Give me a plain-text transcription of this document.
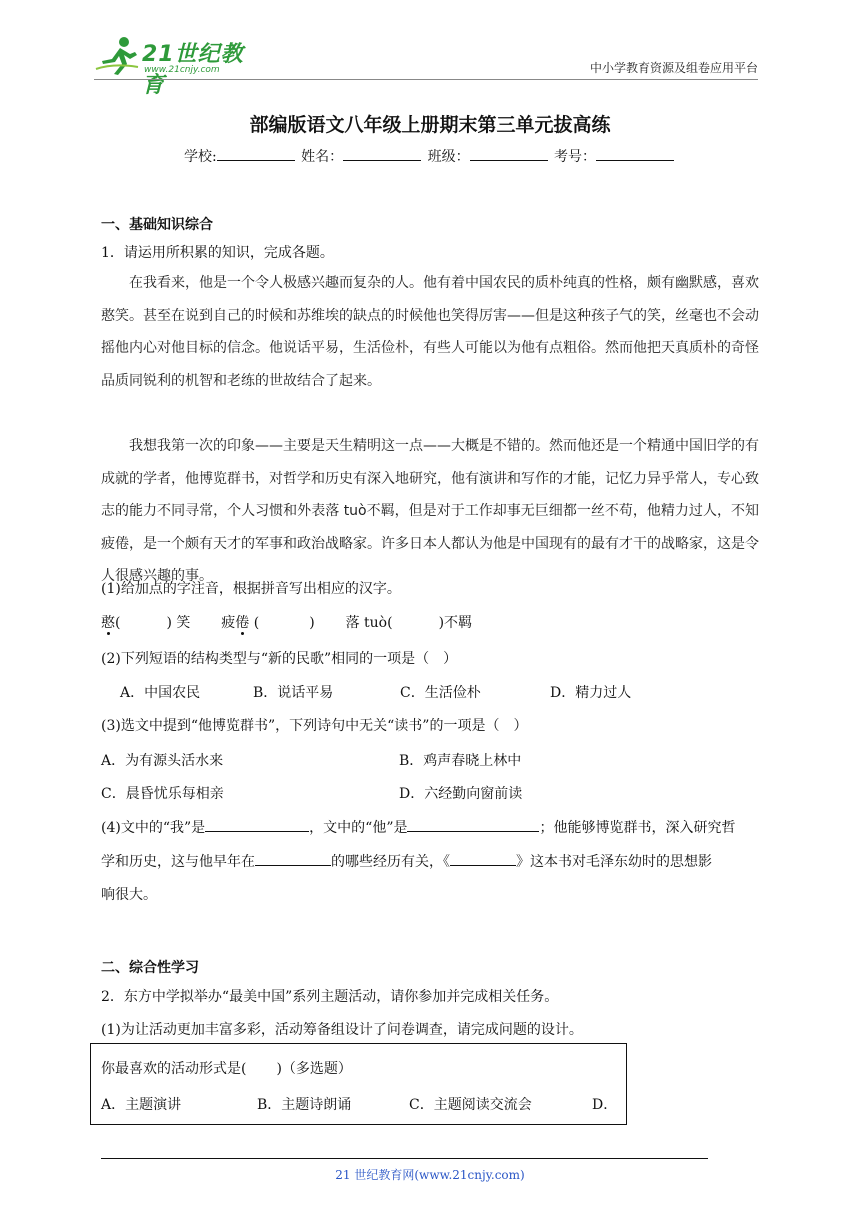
21世纪教育
www.21cnjy.com	中小学教育资源及组卷应用平台
部编版语文八年级上册期末第三单元拔高练
学校:	姓名：	班级：	考号：
一、基础知识综合
1．请运用所积累的知识，完成各题。
在我看来，他是一个令人极感兴趣而复杂的人。他有着中国农民的质朴纯真的性格，颇有幽默感，喜欢憨笑。甚至在说到自己的时候和苏维埃的缺点的时候他也笑得厉害——但是这种孩子气的笑，丝毫也不会动摇他内心对他目标的信念。他说话平易，生活俭朴，有些人可能以为他有点粗俗。然而他把天真质朴的奇怪品质同锐利的机智和老练的世故结合了起来。
我想我第一次的印象——主要是天生精明这一点——大概是不错的。然而他还是一个精通中国旧学的有成就的学者，他博览群书，对哲学和历史有深入地研究，他有演讲和写作的才能，记忆力异乎常人，专心致志的能力不同寻常，个人习惯和外表落 tuò不羁，但是对于工作却事无巨细都一丝不苟，他精力过人，不知疲倦，是一个颇有天才的军事和政治战略家。许多日本人都认为他是中国现有的最有才干的战略家，这是令人很感兴趣的事。
(1)给加点的字注音，根据拼音写出相应的汉字。
憨(	) 笑 疲倦 (	) 落 tuò(	)不羁
(2)下列短语的结构类型与“新的民歌”相同的一项是（　）
A．中国农民	B．说话平易	C．生活俭朴	D．精力过人
(3)选文中提到“他博览群书”，下列诗句中无关“读书”的一项是（　）
A．为有源头活水来	B．鸡声春晓上林中
C．晨昏忧乐每相亲	D．六经勤向窗前读
(4)文中的“我”是	，文中的“他”是	；他能够博览群书，深入研究哲
学和历史，这与他早年在	的哪些经历有关，《	》这本书对毛泽东幼时的思想影
响很大。
二、综合性学习
2．东方中学拟举办“最美中国”系列主题活动，请你参加并完成相关任务。
(1)为让活动更加丰富多彩，活动筹备组设计了问卷调查，请完成问题的设计。
你最喜欢的活动形式是( )（多选题）
A．主题演讲	B．主题诗朗诵	C．主题阅读交流会	D．
21 世纪教育网(www.21cnjy.com)
